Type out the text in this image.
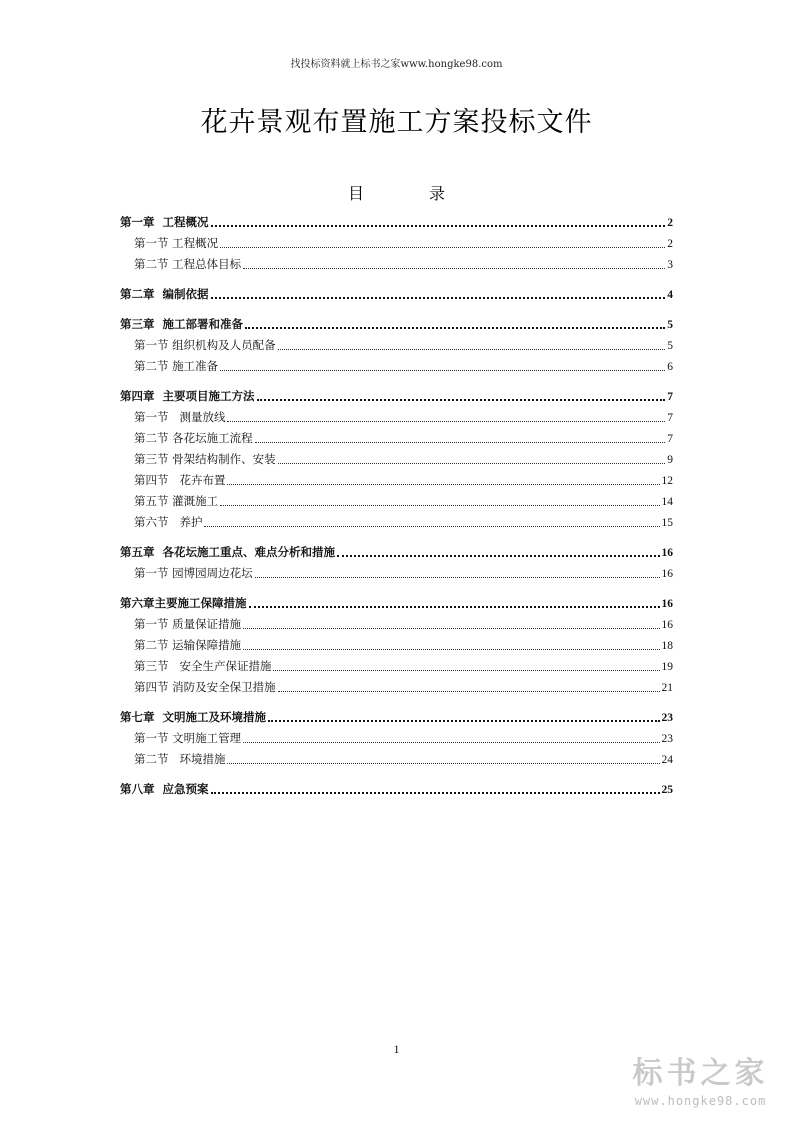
找投标资料就上标书之家www.hongke98.com
花卉景观布置施工方案投标文件
目 录
第一章  工程概况	2
第一节 工程概况	2
第二节 工程总体目标	3
第二章  编制依据	4
第三章  施工部署和准备	5
第一节 组织机构及人员配备	5
第二节 施工准备	6
第四章  主要项目施工方法	7
第一节   测量放线	7
第二节 各花坛施工流程	7
第三节 骨架结构制作、安装	9
第四节   花卉布置	12
第五节 灌溉施工	14
第六节   养护	15
第五章  各花坛施工重点、难点分析和措施	16
第一节 园博园周边花坛	16
第六章主要施工保障措施	16
第一节 质量保证措施	16
第二节 运输保障措施	18
第三节   安全生产保证措施	19
第四节 消防及安全保卫措施	21
第七章  文明施工及环境措施	23
第一节 文明施工管理	23
第二节   环境措施	24
第八章  应急预案	25
1
标书之家
www.hongke98.com
